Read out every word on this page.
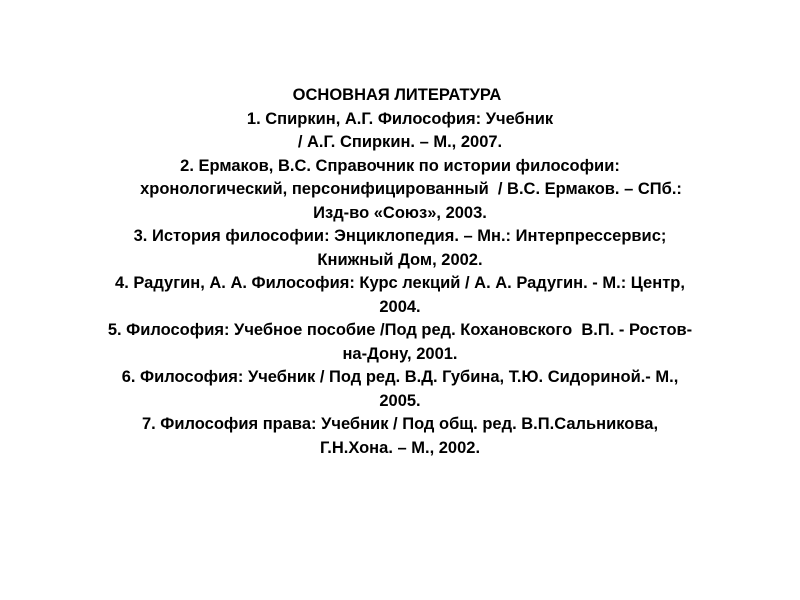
ОСНОВНАЯ ЛИТЕРАТУРА
1. Спиркин, А.Г. Философия: Учебник
/ А.Г. Спиркин. – М., 2007.
2. Ермаков, В.С. Справочник по истории философии:
хронологический, персонифицированный  / В.С. Ермаков. – СПб.:
Изд-во «Союз», 2003.
3. История философии: Энциклопедия. – Мн.: Интерпрессервис;
Книжный Дом, 2002.
4. Радугин, А. А. Философия: Курс лекций / А. А. Радугин. - М.: Центр,
2004.
5. Философия: Учебное пособие /Под ред. Кохановского  В.П. - Ростов-
на-Дону, 2001.
6. Философия: Учебник / Под ред. В.Д. Губина, Т.Ю. Сидориной.- М.,
2005.
7. Философия права: Учебник / Под общ. ред. В.П.Сальникова,
Г.Н.Хона. – М., 2002.
